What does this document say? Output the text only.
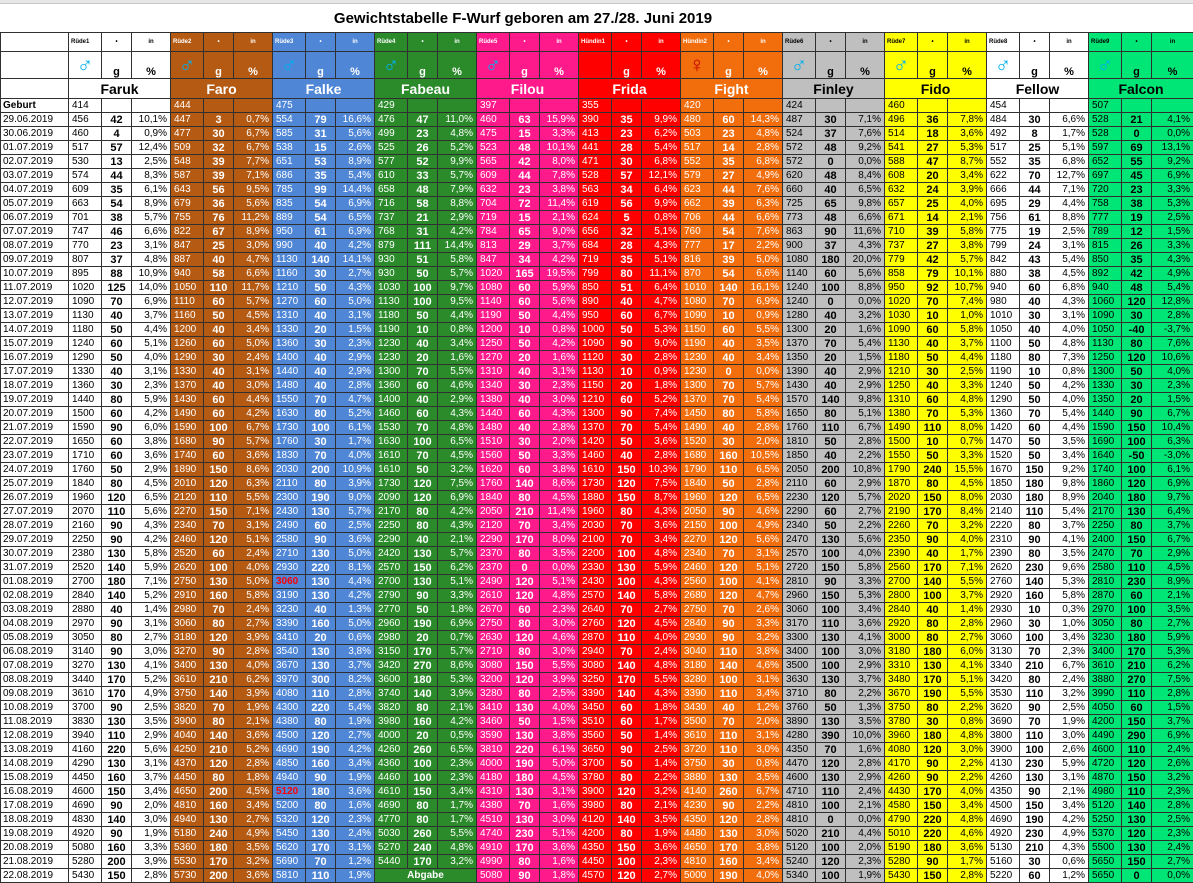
Gewichtstabelle F-Wurf geboren am 27./28. Juni 2019
	Rüde1	•	in	Rüde2	•	in	Rüde3	•	in	Rüde4	•	in	Rüde5	•	in	Hündin1	•	in	Hündin2	•	in	Rüde6	•	in	Rüde7	•	in	Rüde8	•	in	Rüde9	•	in
	♂	g	%	♂	g	%	♂	g	%	♂	g	%	♂	g	%	♀	g	%	♀	g	%	♂	g	%	♂	g	%	♂	g	%	♂	g	%
	Faruk			Faro			Falke			Fabeau			Filou			Frida			Fight			Finley			Fido			Fellow			Falcon		
Geburt	414			444			475			429			397			355			420			424			460			454			507		
29.06.2019	456	42	10,1%	447	3	0,7%	554	79	16,6%	476	47	11,0%	460	63	15,9%	390	35	9,9%	480	60	14,3%	487	30	7,1%	496	36	7,8%	484	30	6,6%	528	21	4,1%
30.06.2019	460	4	0,9%	477	30	6,7%	585	31	5,6%	499	23	4,8%	475	15	3,3%	413	23	6,2%	503	23	4,8%	524	37	7,6%	514	18	3,6%	492	8	1,7%	528	0	0,0%
01.07.2019	517	57	12,4%	509	32	6,7%	538	15	2,6%	525	26	5,2%	523	48	10,1%	441	28	5,4%	517	14	2,8%	572	48	9,2%	541	27	5,3%	517	25	5,1%	597	69	13,1%
02.07.2019	530	13	2,5%	548	39	7,7%	651	53	8,9%	577	52	9,9%	565	42	8,0%	471	30	6,8%	552	35	6,8%	572	0	0,0%	588	47	8,7%	552	35	6,8%	652	55	9,2%
03.07.2019	574	44	8,3%	587	39	7,1%	686	35	5,4%	610	33	5,7%	609	44	7,8%	528	57	12,1%	579	27	4,9%	620	48	8,4%	608	20	3,4%	622	70	12,7%	697	45	6,9%
04.07.2019	609	35	6,1%	643	56	9,5%	785	99	14,4%	658	48	7,9%	632	23	3,8%	563	34	6,4%	623	44	7,6%	660	40	6,5%	632	24	3,9%	666	44	7,1%	720	23	3,3%
05.07.2019	663	54	8,9%	679	36	5,6%	835	54	6,9%	716	58	8,8%	704	72	11,4%	619	56	9,9%	662	39	6,3%	725	65	9,8%	657	25	4,0%	695	29	4,4%	758	38	5,3%
06.07.2019	701	38	5,7%	755	76	11,2%	889	54	6,5%	737	21	2,9%	719	15	2,1%	624	5	0,8%	706	44	6,6%	773	48	6,6%	671	14	2,1%	756	61	8,8%	777	19	2,5%
07.07.2019	747	46	6,6%	822	67	8,9%	950	61	6,9%	768	31	4,2%	784	65	9,0%	656	32	5,1%	760	54	7,6%	863	90	11,6%	710	39	5,8%	775	19	2,5%	789	12	1,5%
08.07.2019	770	23	3,1%	847	25	3,0%	990	40	4,2%	879	111	14,4%	813	29	3,7%	684	28	4,3%	777	17	2,2%	900	37	4,3%	737	27	3,8%	799	24	3,1%	815	26	3,3%
09.07.2019	807	37	4,8%	887	40	4,7%	1130	140	14,1%	930	51	5,8%	847	34	4,2%	719	35	5,1%	816	39	5,0%	1080	180	20,0%	779	42	5,7%	842	43	5,4%	850	35	4,3%
10.07.2019	895	88	10,9%	940	58	6,6%	1160	30	2,7%	930	50	5,7%	1020	165	19,5%	799	80	11,1%	870	54	6,6%	1140	60	5,6%	858	79	10,1%	880	38	4,5%	892	42	4,9%
11.07.2019	1020	125	14,0%	1050	110	11,7%	1210	50	4,3%	1030	100	9,7%	1080	60	5,9%	850	51	6,4%	1010	140	16,1%	1240	100	8,8%	950	92	10,7%	940	60	6,8%	940	48	5,4%
12.07.2019	1090	70	6,9%	1110	60	5,7%	1270	60	5,0%	1130	100	9,5%	1140	60	5,6%	890	40	4,7%	1080	70	6,9%	1240	0	0,0%	1020	70	7,4%	980	40	4,3%	1060	120	12,8%
13.07.2019	1130	40	3,7%	1160	50	4,5%	1310	40	3,1%	1180	50	4,4%	1190	50	4,4%	950	60	6,7%	1090	10	0,9%	1280	40	3,2%	1030	10	1,0%	1010	30	3,1%	1090	30	2,8%
14.07.2019	1180	50	4,4%	1200	40	3,4%	1330	20	1,5%	1190	10	0,8%	1200	10	0,8%	1000	50	5,3%	1150	60	5,5%	1300	20	1,6%	1090	60	5,8%	1050	40	4,0%	1050	-40	-3,7%
15.07.2019	1240	60	5,1%	1260	60	5,0%	1360	30	2,3%	1230	40	3,4%	1250	50	4,2%	1090	90	9,0%	1190	40	3,5%	1370	70	5,4%	1130	40	3,7%	1100	50	4,8%	1130	80	7,6%
16.07.2019	1290	50	4,0%	1290	30	2,4%	1400	40	2,9%	1230	20	1,6%	1270	20	1,6%	1120	30	2,8%	1230	40	3,4%	1350	20	1,5%	1180	50	4,4%	1180	80	7,3%	1250	120	10,6%
17.07.2019	1330	40	3,1%	1330	40	3,1%	1440	40	2,9%	1300	70	5,5%	1310	40	3,1%	1130	10	0,9%	1230	0	0,0%	1390	40	2,9%	1210	30	2,5%	1190	10	0,8%	1300	50	4,0%
18.07.2019	1360	30	2,3%	1370	40	3,0%	1480	40	2,8%	1360	60	4,6%	1340	30	2,3%	1150	20	1,8%	1300	70	5,7%	1430	40	2,9%	1250	40	3,3%	1240	50	4,2%	1330	30	2,3%
19.07.2019	1440	80	5,9%	1430	60	4,4%	1550	70	4,7%	1400	40	2,9%	1380	40	3,0%	1210	60	5,2%	1370	70	5,4%	1570	140	9,8%	1310	60	4,8%	1290	50	4,0%	1350	20	1,5%
20.07.2019	1500	60	4,2%	1490	60	4,2%	1630	80	5,2%	1460	60	4,3%	1440	60	4,3%	1300	90	7,4%	1450	80	5,8%	1650	80	5,1%	1380	70	5,3%	1360	70	5,4%	1440	90	6,7%
21.07.2019	1590	90	6,0%	1590	100	6,7%	1730	100	6,1%	1530	70	4,8%	1480	40	2,8%	1370	70	5,4%	1490	40	2,8%	1760	110	6,7%	1490	110	8,0%	1420	60	4,4%	1590	150	10,4%
22.07.2019	1650	60	3,8%	1680	90	5,7%	1760	30	1,7%	1630	100	6,5%	1510	30	2,0%	1420	50	3,6%	1520	30	2,0%	1810	50	2,8%	1500	10	0,7%	1470	50	3,5%	1690	100	6,3%
23.07.2019	1710	60	3,6%	1740	60	3,6%	1830	70	4,0%	1610	70	4,5%	1560	50	3,3%	1460	40	2,8%	1680	160	10,5%	1850	40	2,2%	1550	50	3,3%	1520	50	3,4%	1640	-50	-3,0%
24.07.2019	1760	50	2,9%	1890	150	8,6%	2030	200	10,9%	1610	50	3,2%	1620	60	3,8%	1610	150	10,3%	1790	110	6,5%	2050	200	10,8%	1790	240	15,5%	1670	150	9,2%	1740	100	6,1%
25.07.2019	1840	80	4,5%	2010	120	6,3%	2110	80	3,9%	1730	120	7,5%	1760	140	8,6%	1730	120	7,5%	1840	50	2,8%	2110	60	2,9%	1870	80	4,5%	1850	180	9,8%	1860	120	6,9%
26.07.2019	1960	120	6,5%	2120	110	5,5%	2300	190	9,0%	2090	120	6,9%	1840	80	4,5%	1880	150	8,7%	1960	120	6,5%	2230	120	5,7%	2020	150	8,0%	2030	180	8,9%	2040	180	9,7%
27.07.2019	2070	110	5,6%	2270	150	7,1%	2430	130	5,7%	2170	80	4,2%	2050	210	11,4%	1960	80	4,3%	2050	90	4,6%	2290	60	2,7%	2190	170	8,4%	2140	110	5,4%	2170	130	6,4%
28.07.2019	2160	90	4,3%	2340	70	3,1%	2490	60	2,5%	2250	80	4,3%	2120	70	3,4%	2030	70	3,6%	2150	100	4,9%	2340	50	2,2%	2260	70	3,2%	2220	80	3,7%	2250	80	3,7%
29.07.2019	2250	90	4,2%	2460	120	5,1%	2580	90	3,6%	2290	40	2,1%	2290	170	8,0%	2100	70	3,4%	2270	120	5,6%	2470	130	5,6%	2350	90	4,0%	2310	90	4,1%	2400	150	6,7%
30.07.2019	2380	130	5,8%	2520	60	2,4%	2710	130	5,0%	2420	130	5,7%	2370	80	3,5%	2200	100	4,8%	2340	70	3,1%	2570	100	4,0%	2390	40	1,7%	2390	80	3,5%	2470	70	2,9%
31.07.2019	2520	140	5,9%	2620	100	4,0%	2930	220	8,1%	2570	150	6,2%	2370	0	0,0%	2330	130	5,9%	2460	120	5,1%	2720	150	5,8%	2560	170	7,1%	2620	230	9,6%	2580	110	4,5%
01.08.2019	2700	180	7,1%	2750	130	5,0%	3060	130	4,4%	2700	130	5,1%	2490	120	5,1%	2430	100	4,3%	2560	100	4,1%	2810	90	3,3%	2700	140	5,5%	2760	140	5,3%	2810	230	8,9%
02.08.2019	2840	140	5,2%	2910	160	5,8%	3190	130	4,2%	2790	90	3,3%	2610	120	4,8%	2570	140	5,8%	2680	120	4,7%	2960	150	5,3%	2800	100	3,7%	2920	160	5,8%	2870	60	2,1%
03.08.2019	2880	40	1,4%	2980	70	2,4%	3230	40	1,3%	2770	50	1,8%	2670	60	2,3%	2640	70	2,7%	2750	70	2,6%	3060	100	3,4%	2840	40	1,4%	2930	10	0,3%	2970	100	3,5%
04.08.2019	2970	90	3,1%	3060	80	2,7%	3390	160	5,0%	2960	190	6,9%	2750	80	3,0%	2760	120	4,5%	2840	90	3,3%	3170	110	3,6%	2920	80	2,8%	2960	30	1,0%	3050	80	2,7%
05.08.2019	3050	80	2,7%	3180	120	3,9%	3410	20	0,6%	2980	20	0,7%	2630	120	4,6%	2870	110	4,0%	2930	90	3,2%	3300	130	4,1%	3000	80	2,7%	3060	100	3,4%	3230	180	5,9%
06.08.2019	3140	90	3,0%	3270	90	2,8%	3540	130	3,8%	3150	170	5,7%	2710	80	3,0%	2940	70	2,4%	3040	110	3,8%	3400	100	3,0%	3180	180	6,0%	3130	70	2,3%	3400	170	5,3%
07.08.2019	3270	130	4,1%	3400	130	4,0%	3670	130	3,7%	3420	270	8,6%	3080	150	5,5%	3080	140	4,8%	3180	140	4,6%	3500	100	2,9%	3310	130	4,1%	3340	210	6,7%	3610	210	6,2%
08.08.2019	3440	170	5,2%	3610	210	6,2%	3970	300	8,2%	3600	180	5,3%	3200	120	3,9%	3250	170	5,5%	3280	100	3,1%	3630	130	3,7%	3480	170	5,1%	3420	80	2,4%	3880	270	7,5%
09.08.2019	3610	170	4,9%	3750	140	3,9%	4080	110	2,8%	3740	140	3,9%	3280	80	2,5%	3390	140	4,3%	3390	110	3,4%	3710	80	2,2%	3670	190	5,5%	3530	110	3,2%	3990	110	2,8%
10.08.2019	3700	90	2,5%	3820	70	1,9%	4300	220	5,4%	3820	80	2,1%	3410	130	4,0%	3450	60	1,8%	3430	40	1,2%	3760	50	1,3%	3750	80	2,2%	3620	90	2,5%	4050	60	1,5%
11.08.2019	3830	130	3,5%	3900	80	2,1%	4380	80	1,9%	3980	160	4,2%	3460	50	1,5%	3510	60	1,7%	3500	70	2,0%	3890	130	3,5%	3780	30	0,8%	3690	70	1,9%	4200	150	3,7%
12.08.2019	3940	110	2,9%	4040	140	3,6%	4500	120	2,7%	4000	20	0,5%	3590	130	3,8%	3560	50	1,4%	3610	110	3,1%	4280	390	10,0%	3960	180	4,8%	3800	110	3,0%	4490	290	6,9%
13.08.2019	4160	220	5,6%	4250	210	5,2%	4690	190	4,2%	4260	260	6,5%	3810	220	6,1%	3650	90	2,5%	3720	110	3,0%	4350	70	1,6%	4080	120	3,0%	3900	100	2,6%	4600	110	2,4%
14.08.2019	4290	130	3,1%	4370	120	2,8%	4850	160	3,4%	4360	100	2,3%	4000	190	5,0%	3700	50	1,4%	3750	30	0,8%	4470	120	2,8%	4170	90	2,2%	4130	230	5,9%	4720	120	2,6%
15.08.2019	4450	160	3,7%	4450	80	1,8%	4940	90	1,9%	4460	100	2,3%	4180	180	4,5%	3780	80	2,2%	3880	130	3,5%	4600	130	2,9%	4260	90	2,2%	4260	130	3,1%	4870	150	3,2%
16.08.2019	4600	150	3,4%	4650	200	4,5%	5120	180	3,6%	4610	150	3,4%	4310	130	3,1%	3900	120	3,2%	4140	260	6,7%	4710	110	2,4%	4430	170	4,0%	4350	90	2,1%	4980	110	2,3%
17.08.2019	4690	90	2,0%	4810	160	3,4%	5200	80	1,6%	4690	80	1,7%	4380	70	1,6%	3980	80	2,1%	4230	90	2,2%	4810	100	2,1%	4580	150	3,4%	4500	150	3,4%	5120	140	2,8%
18.08.2019	4830	140	3,0%	4940	130	2,7%	5320	120	2,3%	4770	80	1,7%	4510	130	3,0%	4120	140	3,5%	4350	120	2,8%	4810	0	0,0%	4790	220	4,8%	4690	190	4,2%	5250	130	2,5%
19.08.2019	4920	90	1,9%	5180	240	4,9%	5450	130	2,4%	5030	260	5,5%	4740	230	5,1%	4200	80	1,9%	4480	130	3,0%	5020	210	4,4%	5010	220	4,6%	4920	230	4,9%	5370	120	2,3%
20.08.2019	5080	160	3,3%	5360	180	3,5%	5620	170	3,1%	5270	240	4,8%	4910	170	3,6%	4350	150	3,6%	4650	170	3,8%	5120	100	2,0%	5190	180	3,6%	5130	210	4,3%	5500	130	2,4%
21.08.2019	5280	200	3,9%	5530	170	3,2%	5690	70	1,2%	5440	170	3,2%	4990	80	1,6%	4450	100	2,3%	4810	160	3,4%	5240	120	2,3%	5280	90	1,7%	5160	30	0,6%	5650	150	2,7%
22.08.2019	5430	150	2,8%	5730	200	3,6%	5810	110	1,9%	Abgabe			5080	90	1,8%	4570	120	2,7%	5000	190	4,0%	5340	100	1,9%	5430	150	2,8%	5220	60	1,2%	5650	0	0,0%
